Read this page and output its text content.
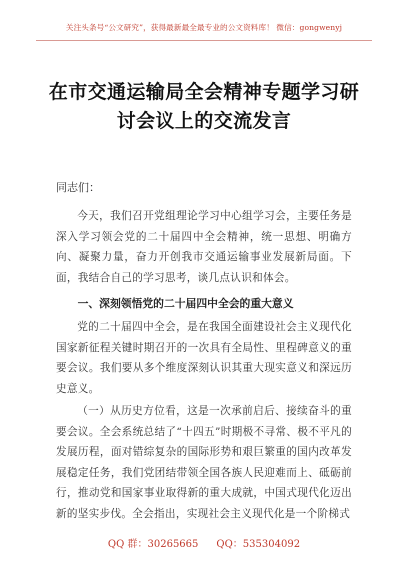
关注头条号“公文研究”，获得最新最全最专业的公文资料库！ 微信：gongwenyj
在市交通运输局全会精神专题学习研
讨会议上的交流发言

同志们：

今天，我们召开党组理论学习中心组学习会，主要任务是深入学习领会党的二十届四中全会精神，统一思想、明确方向、凝聚力量，奋力开创我市交通运输事业发展新局面。下面，我结合自己的学习思考，谈几点认识和体会。

一、深刻领悟党的二十届四中全会的重大意义

党的二十届四中全会，是在我国全面建设社会主义现代化国家新征程关键时期召开的一次具有全局性、里程碑意义的重要会议。我们要从多个维度深刻认识其重大现实意义和深远历史意义。

（一）从历史方位看，这是一次承前启后、接续奋斗的重要会议。全会系统总结了“十四五”时期极不寻常、极不平凡的发展历程，面对错综复杂的国际形势和艰巨繁重的国内改革发展稳定任务，我们党团结带领全国各族人民迎难而上、砥砺前行，推动党和国家事业取得新的重大成就，中国式现代化迈出新的坚实步伐。全会指出，实现社会主义现代化是一个阶梯式

QQ 群：30265665 QQ：535304092
